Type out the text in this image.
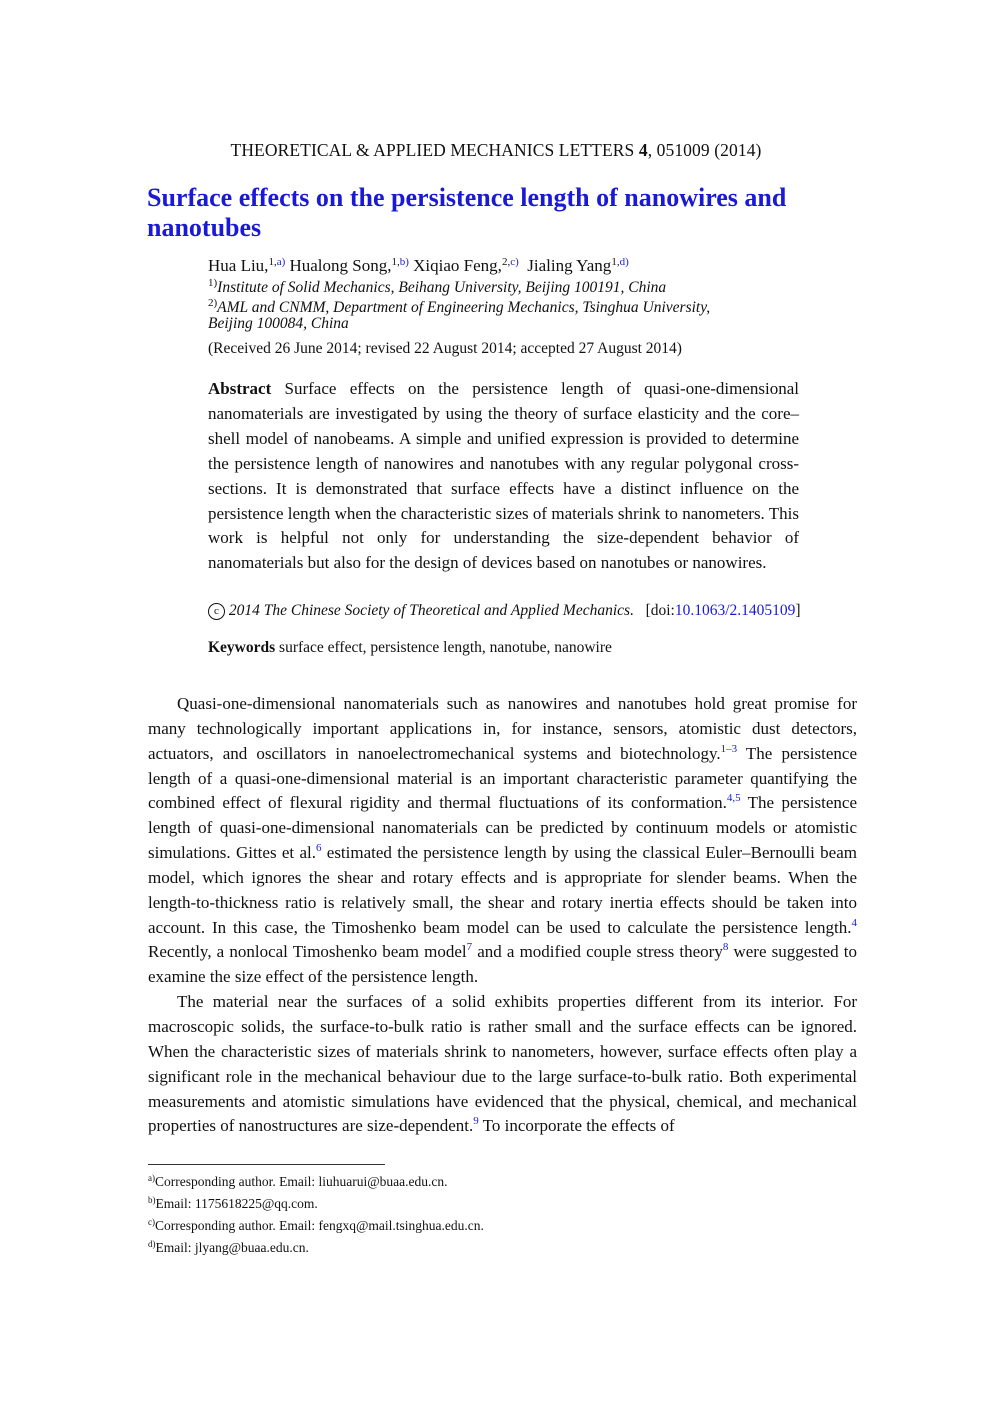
THEORETICAL & APPLIED MECHANICS LETTERS 4, 051009 (2014)
Surface effects on the persistence length of nanowires and nanotubes
Hua Liu,$^{1,a)}$ Hualong Song,$^{1,b)}$ Xiqiao Feng,$^{2,c)}$ Jialing Yang$^{1,d)}$
$^{1)}$Institute of Solid Mechanics, Beihang University, Beijing 100191, China
$^{2)}$AML and CNMM, Department of Engineering Mechanics, Tsinghua University,
Beijing 100084, China
(Received 26 June 2014; revised 22 August 2014; accepted 27 August 2014)

Abstract Surface effects on the persistence length of quasi-one-dimensional nanomaterials are investigated by using the theory of surface elasticity and the core–shell model of nanobeams. A simple and unified expression is provided to determine the persistence length of nanowires and nanotubes with any regular polygonal cross-sections. It is demonstrated that surface effects have a distinct influence on the persistence length when the characteristic sizes of materials shrink to nanometers. This work is helpful not only for understanding the size-dependent behavior of nanomaterials but also for the design of devices based on nanotubes or nanowires.

c 2014 The Chinese Society of Theoretical and Applied Mechanics. [doi:10.1063/2.1405109]
Keywords surface effect, persistence length, nanotube, nanowire

Quasi-one-dimensional nanomaterials such as nanowires and nanotubes hold great promise for many technologically important applications in, for instance, sensors, atomistic dust detectors, actuators, and oscillators in nanoelectromechanical systems and biotechnology.$^{1-3}$ The persistence length of a quasi-one-dimensional material is an important characteristic parameter quantifying the combined effect of flexural rigidity and thermal fluctuations of its conformation.$^{4,5}$ The persistence length of quasi-one-dimensional nanomaterials can be predicted by continuum models or atomistic simulations. Gittes et al.$^6$ estimated the persistence length by using the classical Euler–Bernoulli beam model, which ignores the shear and rotary effects and is appropriate for slender beams. When the length-to-thickness ratio is relatively small, the shear and rotary inertia effects should be taken into account. In this case, the Timoshenko beam model can be used to calculate the persistence length.$^4$ Recently, a nonlocal Timoshenko beam model$^7$ and a modified couple stress theory$^8$ were suggested to examine the size effect of the persistence length.

The material near the surfaces of a solid exhibits properties different from its interior. For macroscopic solids, the surface-to-bulk ratio is rather small and the surface effects can be ignored. When the characteristic sizes of materials shrink to nanometers, however, surface effects often play a significant role in the mechanical behaviour due to the large surface-to-bulk ratio. Both experimental measurements and atomistic simulations have evidenced that the physical, chemical, and mechanical properties of nanostructures are size-dependent.$^9$ To incorporate the effects of

$^{a)}$Corresponding author. Email: liuhuarui@buaa.edu.cn.
$^{b)}$Email: 1175618225@qq.com.
$^{c)}$Corresponding author. Email: fengxq@mail.tsinghua.edu.cn.
$^{d)}$Email: jlyang@buaa.edu.cn.
